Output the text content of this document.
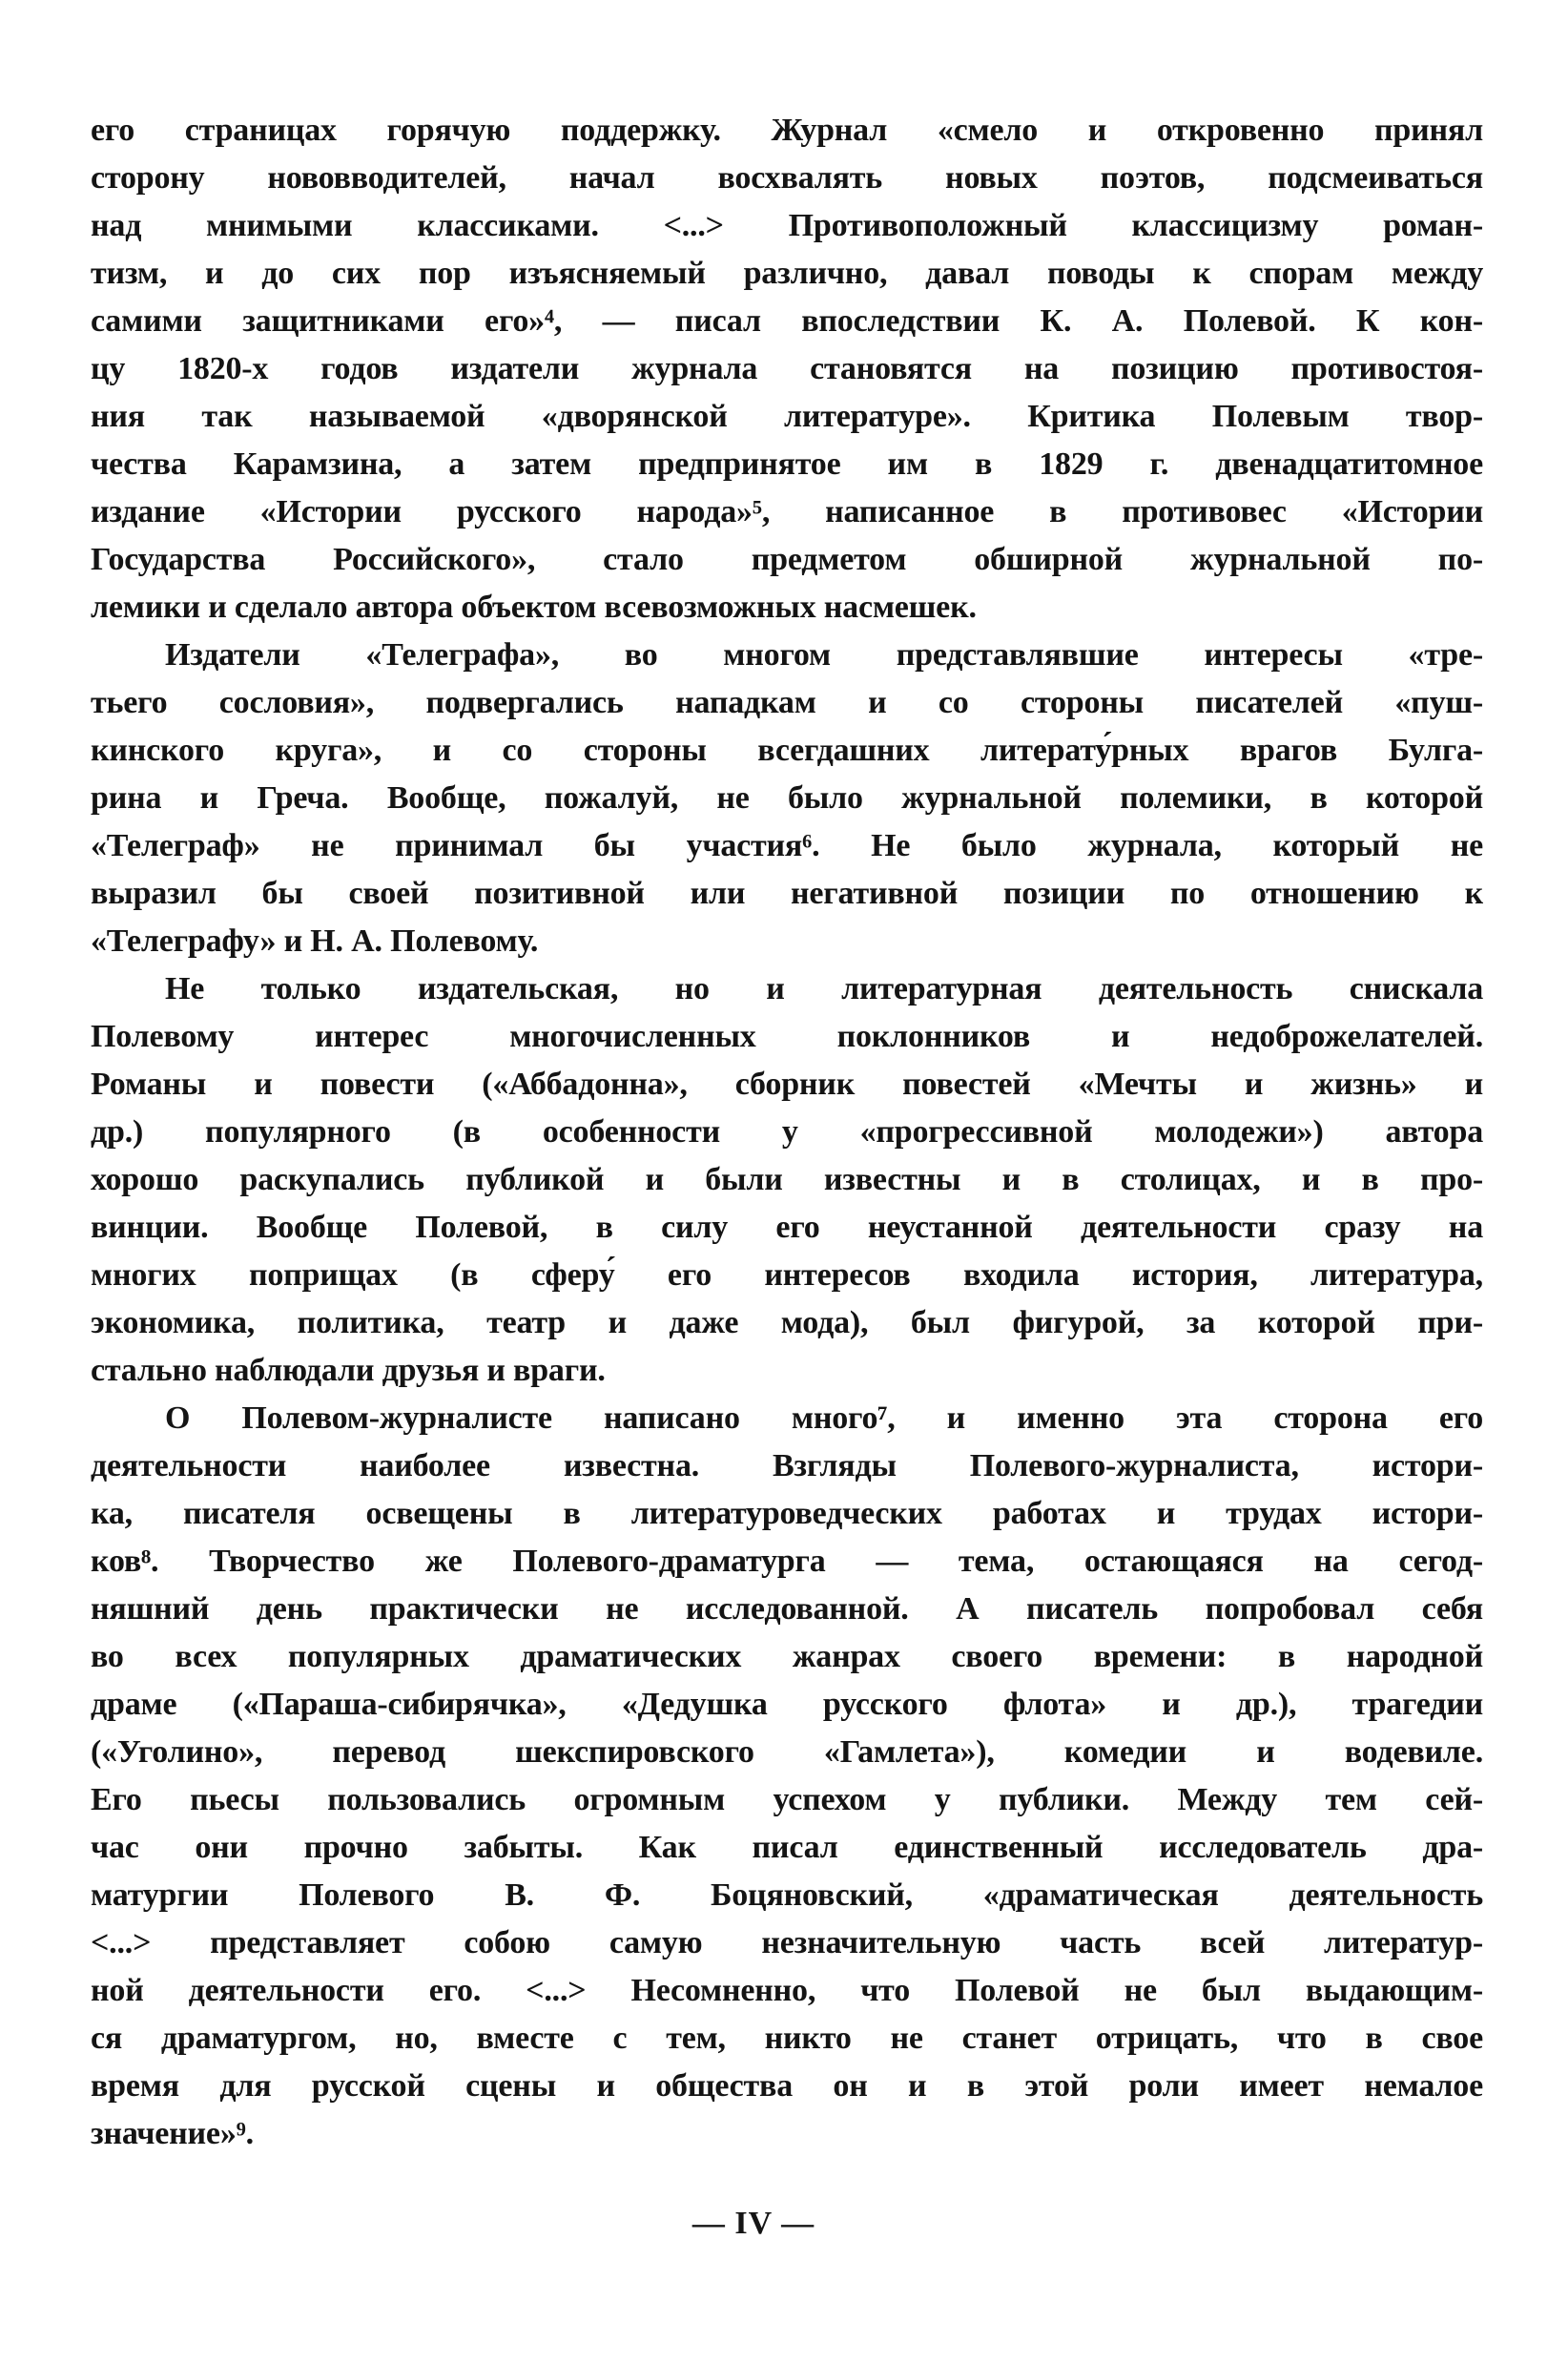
его страницах горячую поддержку. Журнал «смело и откровенно принял
сторону нововводителей, начал восхвалять новых поэтов, подсмеиваться
над мнимыми классиками. <...> Противоположный классицизму роман-
тизм, и до сих пор изъясняемый различно, давал поводы к спорам между
самими защитниками его»⁴, — писал впоследствии К. А. Полевой. К кон-
цу 1820-х годов издатели журнала становятся на позицию противостоя-
ния так называемой «дворянской литературе». Критика Полевым твор-
чества Карамзина, а затем предпринятое им в 1829 г. двенадцатитомное
издание «Истории русского народа»⁵, написанное в противовес «Истории
Государства Российского», стало предметом обширной журнальной по-
лемики и сделало автора объектом всевозможных насмешек.
Издатели «Телеграфа», во многом представлявшие интересы «тре-
тьего сословия», подвергались нападкам и со стороны писателей «пуш-
кинского круга», и со стороны всегдашних литерату́рных врагов Булга-
рина и Греча. Вообще, пожалуй, не было журнальной полемики, в которой
«Телеграф» не принимал бы участия⁶. Не было журнала, который не
выразил бы своей позитивной или негативной позиции по отношению к
«Телеграфу» и Н. А. Полевому.
Не только издательская, но и литературная деятельность снискала
Полевому интерес многочисленных поклонников и недоброжелателей.
Романы и повести («Аббадонна», сборник повестей «Мечты и жизнь» и
др.) популярного (в особенности у «прогрессивной молодежи») автора
хорошо раскупались публикой и были известны и в столицах, и в про-
винции. Вообще Полевой, в силу его неустанной деятельности сразу на
многих поприщах (в сферу́ его интересов входила история, литература,
экономика, политика, театр и даже мода), был фигурой, за которой при-
стально наблюдали друзья и враги.
О Полевом-журналисте написано много⁷, и именно эта сторона его
деятельности наиболее известна. Взгляды Полевого-журналиста, истори-
ка, писателя освещены в литературоведческих работах и трудах истори-
ков⁸. Творчество же Полевого-драматурга — тема, остающаяся на сегод-
няшний день практически не исследованной. А писатель попробовал себя
во всех популярных драматических жанрах своего времени: в народной
драме («Параша-сибирячка», «Дедушка русского флота» и др.), трагедии
(«Уголино», перевод шекспировского «Гамлета»), комедии и водевиле.
Его пьесы пользовались огромным успехом у публики. Между тем сей-
час они прочно забыты. Как писал единственный исследователь дра-
матургии Полевого В. Ф. Боцяновский, «драматическая деятельность
<...> представляет собою самую незначительную часть всей литератур-
ной деятельности его. <...> Несомненно, что Полевой не был выдающим-
ся драматургом, но, вместе с тем, никто не станет отрицать, что в свое
время для русской сцены и общества он и в этой роли имеет немалое
значение»⁹.
— IV —
